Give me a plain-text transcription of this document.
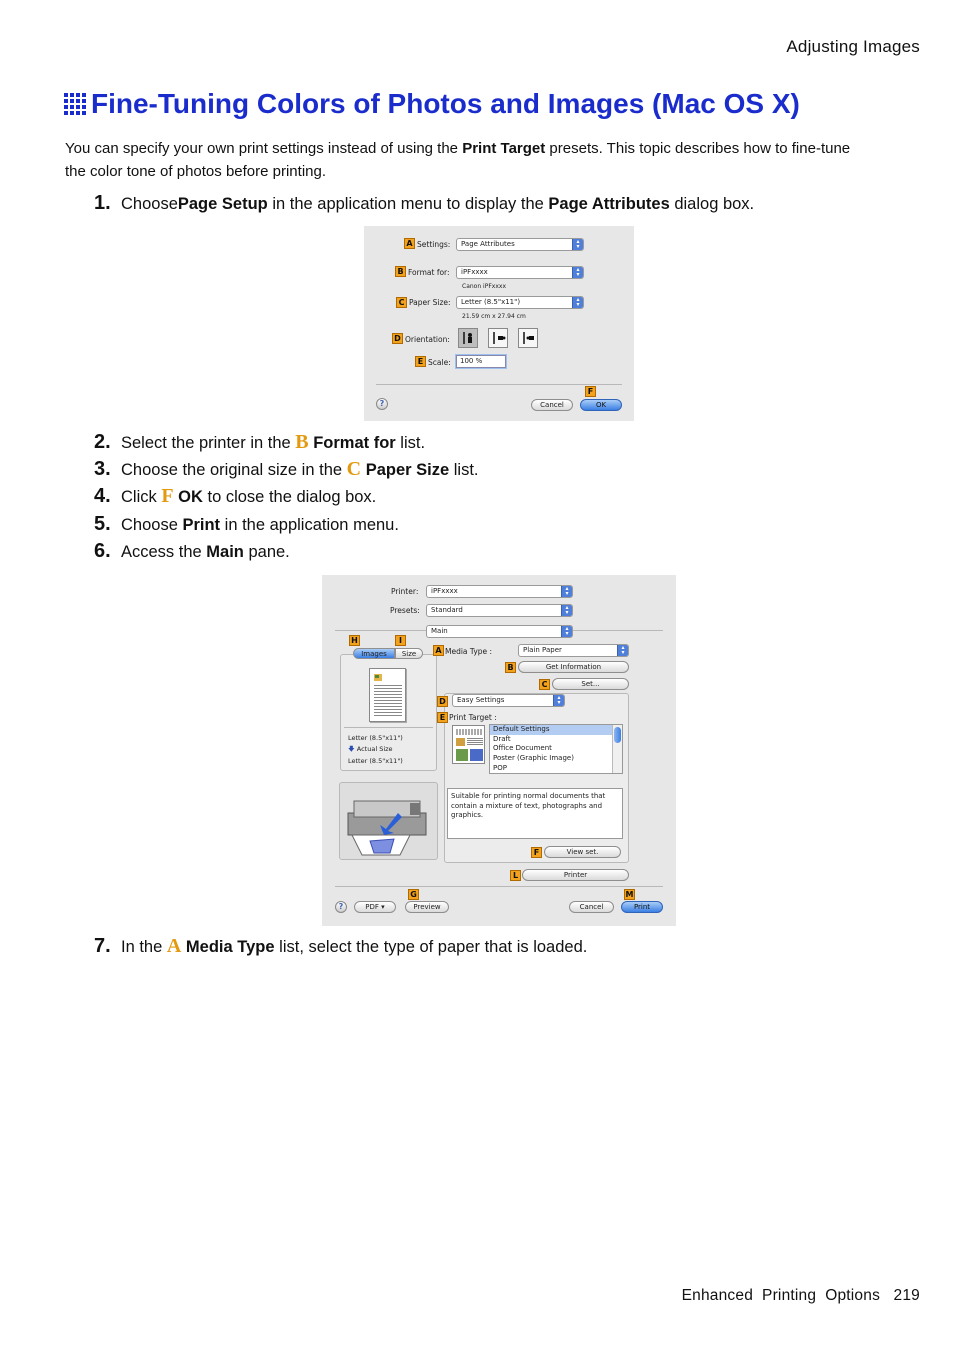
Adjusting Images
Fine-Tuning Colors of Photos and Images (Mac OS X)

You can specify your own print settings instead of using the Print Target presets. This topic describes how to fine-tune the color tone of photos before printing.

1. Choose Page Setup in the application menu to display the Page Attributes dialog box.
A Settings:	Page Attributes	▴
▾
B Format for:	iPFxxxx	▴
▾
Canon iPFxxxx
C Paper Size:	Letter (8.5"x11")	▴
▾
21.59 cm x 27.94 cm
D Orientation:
E Scale:	100 %
F
?	Cancel	OK
2. Select the printer in the B
Format for list.
3. Choose the original size in the C
Paper Size list.
4. Click F
OK to close the dialog box.
5. Choose Print in the application menu.
6. Access the Main pane.
Printer:	iPFxxxx	▴
▾
Presets:	Standard	▴
▾
Main	▴
▾
H	I
Images	Size
Letter (8.5"x11")
🡇 Actual Size
Letter (8.5"x11")
A Media Type :	Plain Paper	▴
▾
B	Get Information
C	Set...
D	Easy Settings	▴
▾
E Print Target :
Default Settings
Draft
Office Document
Poster (Graphic Image)
POP
Suitable for printing normal documents that contain a mixture of text, photographs and graphics.
F	View set.
L	Printer
G	M
?	PDF ▾	Preview	Cancel	Print
7. In the A
Media Type list, select the type of paper that is loaded.
Enhanced  Printing  Options   219
